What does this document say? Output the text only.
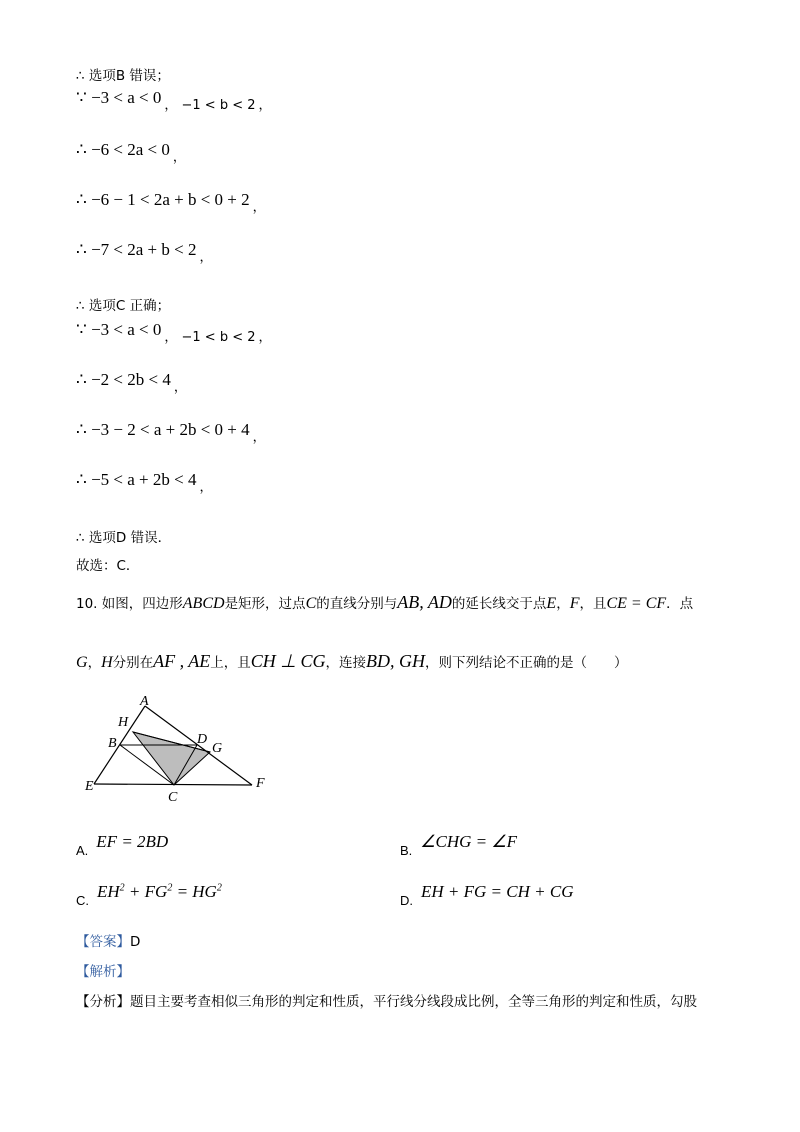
∴ 选项B 错误；
∵ −3 < a < 0 ， −1 < b < 2 ，
∴ −6 < 2a < 0 ，
∴ −6 − 1 < 2a + b < 0 + 2 ，
∴ −7 < 2a + b < 2 ，
∴ 选项C 正确；
∵ −3 < a < 0 ， −1 < b < 2 ，
∴ −2 < 2b < 4 ，
∴ −3 − 2 < a + 2b < 0 + 4 ，
∴ −5 < a + 2b < 4 ，
∴ 选项D 错误．
故选：C．
10. 如图，四边形ABCD是矩形，过点C的直线分别与AB, AD的延长线交于点E，F，且CE = CF．点
G，H分别在AF , AE上，且CH ⊥ CG，连接BD, GH，则下列结论不正确的是（　　）
A
H
B	D
G
E
C
F
A. EF = 2BD	B. ∠CHG = ∠F
C. $EH^2 + FG^2 = HG^2$
D. EH + FG = CH + CG
【答案】D
【解析】
【分析】题目主要考查相似三角形的判定和性质，平行线分线段成比例，全等三角形的判定和性质，勾股
